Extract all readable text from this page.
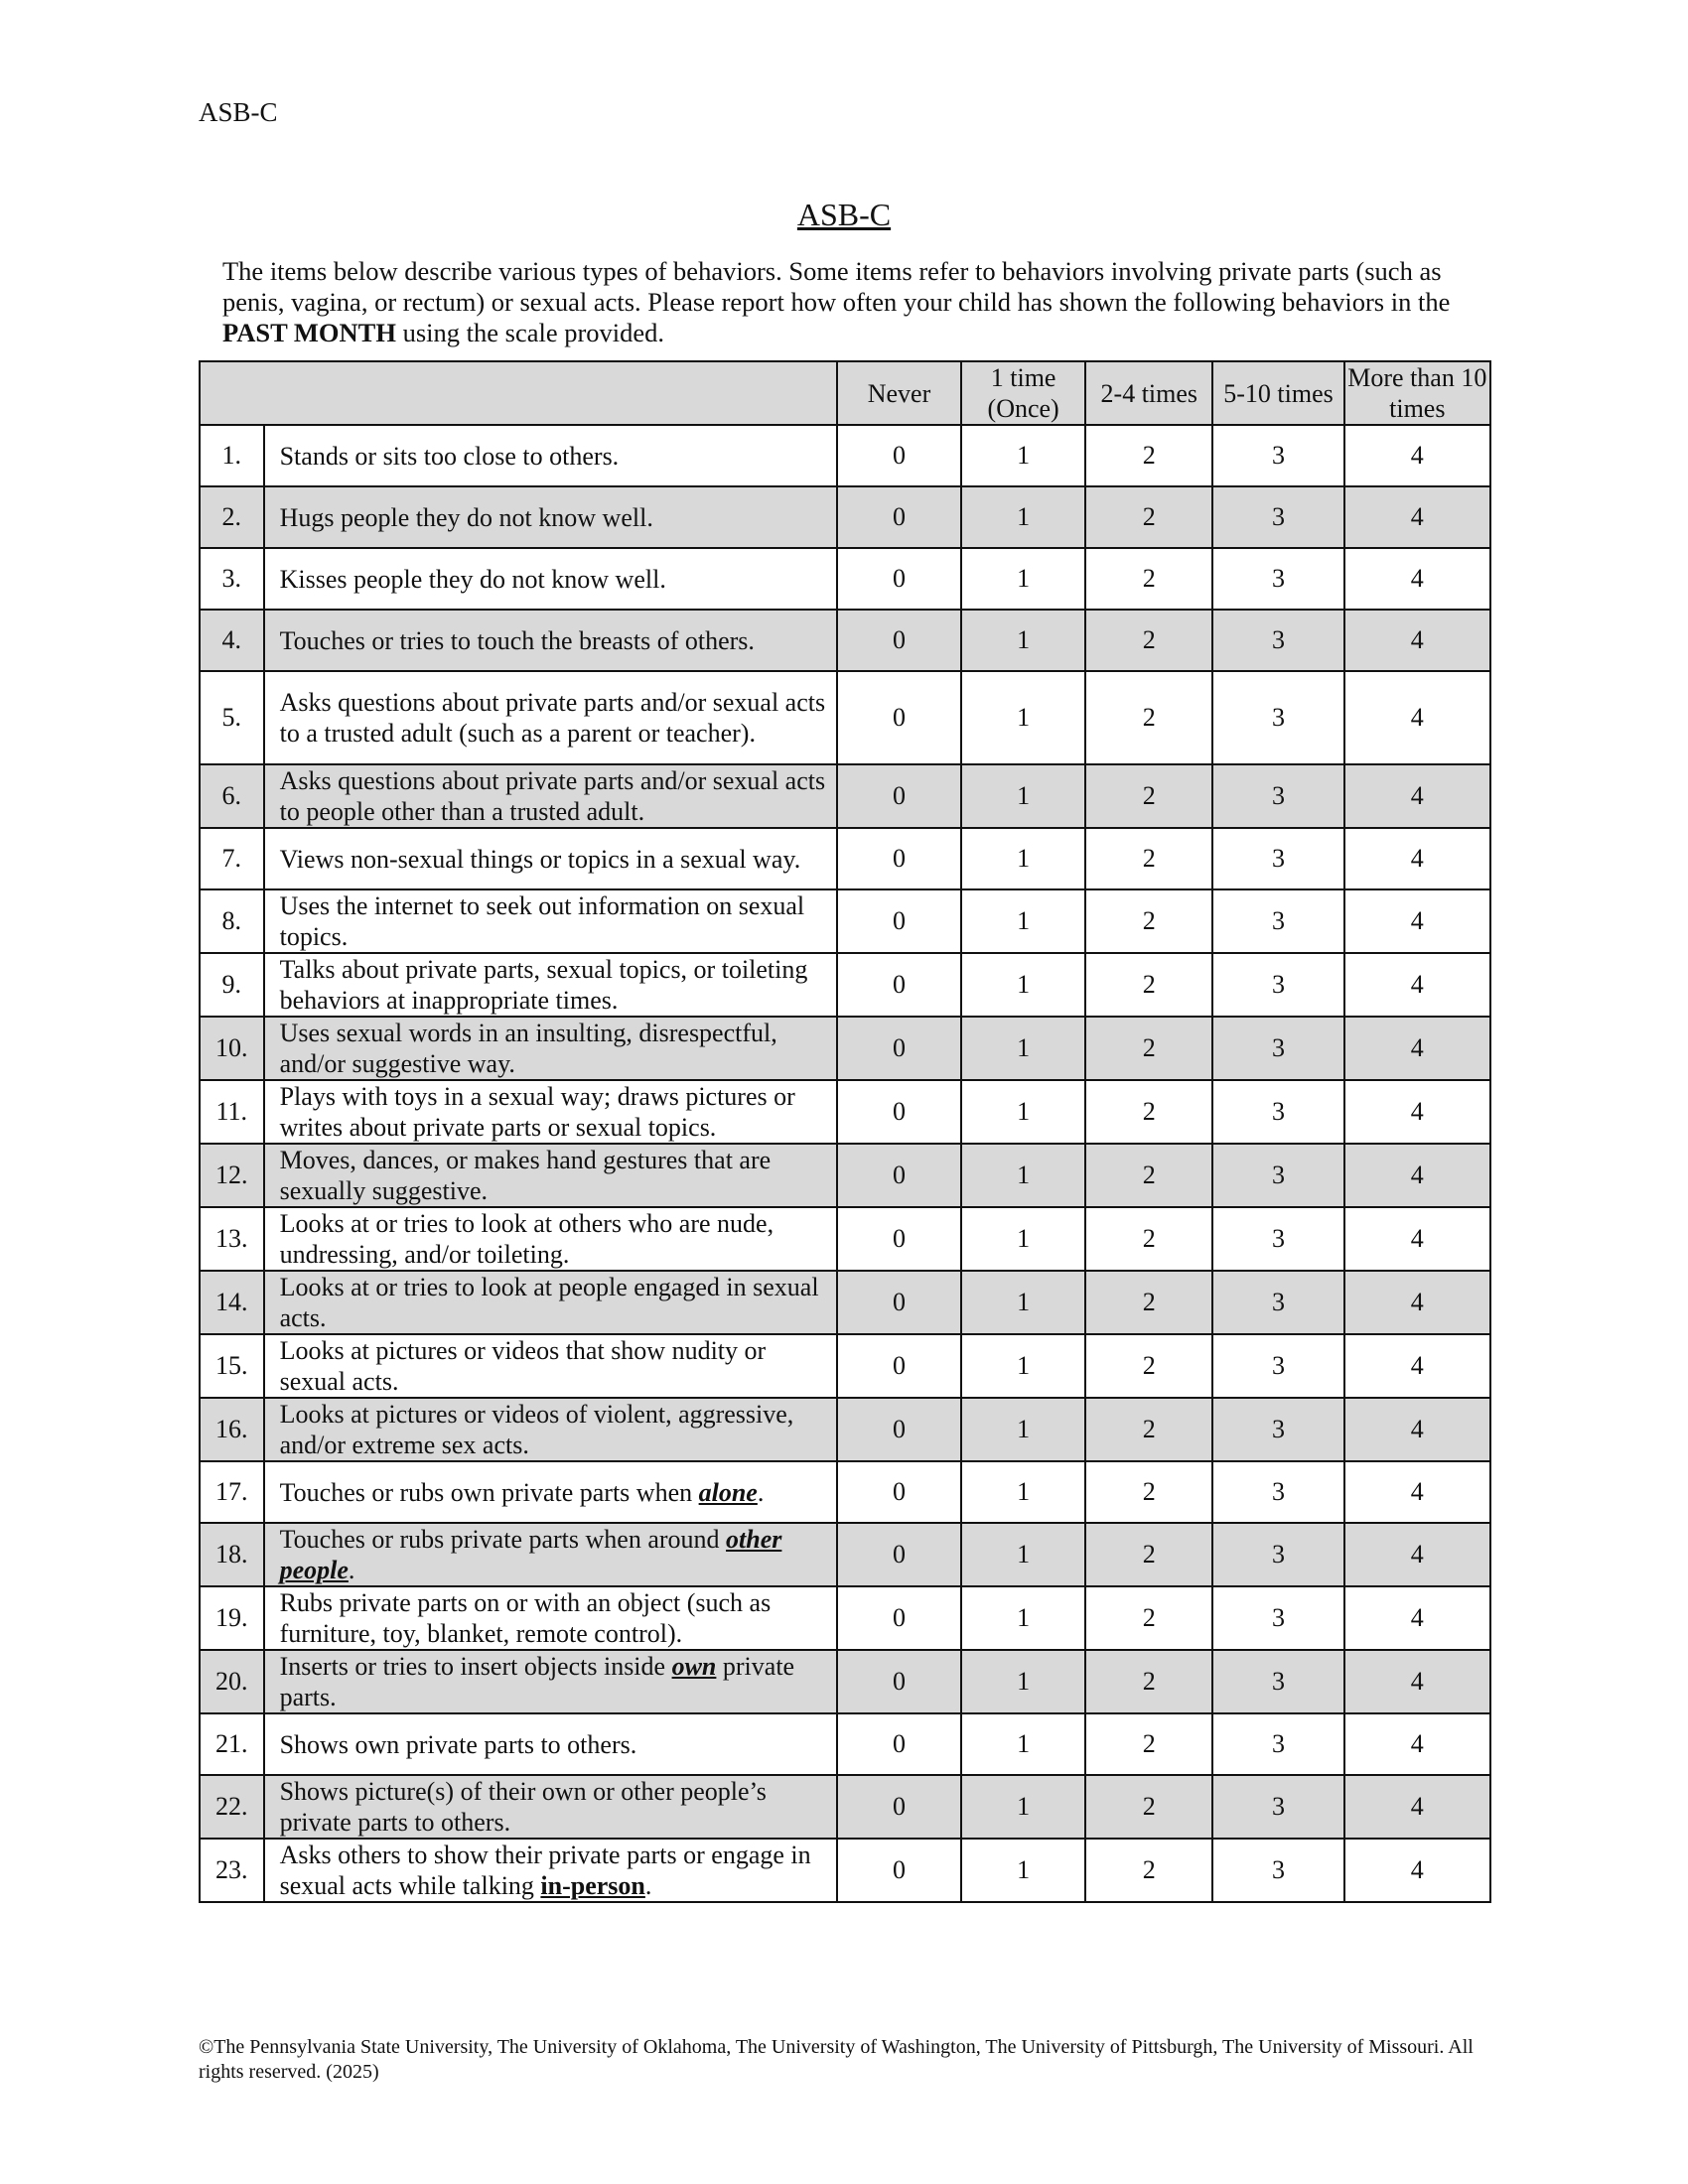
ASB-C
ASB-C
The items below describe various types of behaviors. Some items refer to behaviors involving private parts (such as penis, vagina, or rectum) or sexual acts. Please report how often your child has shown the following behaviors in the PAST MONTH using the scale provided.
		Never	1 time (Once)	2-4 times	5-10 times	More than 10 times
1.	Stands or sits too close to others.	0	1	2	3	4
2.	Hugs people they do not know well.	0	1	2	3	4
3.	Kisses people they do not know well.	0	1	2	3	4
4.	Touches or tries to touch the breasts of others.	0	1	2	3	4
5.	Asks questions about private parts and/or sexual acts to a trusted adult (such as a parent or teacher).	0	1	2	3	4
6.	Asks questions about private parts and/or sexual acts to people other than a trusted adult.	0	1	2	3	4
7.	Views non-sexual things or topics in a sexual way.	0	1	2	3	4
8.	Uses the internet to seek out information on sexual topics.	0	1	2	3	4
9.	Talks about private parts, sexual topics, or toileting behaviors at inappropriate times.	0	1	2	3	4
10.	Uses sexual words in an insulting, disrespectful, and/or suggestive way.	0	1	2	3	4
11.	Plays with toys in a sexual way; draws pictures or writes about private parts or sexual topics.	0	1	2	3	4
12.	Moves, dances, or makes hand gestures that are sexually suggestive.	0	1	2	3	4
13.	Looks at or tries to look at others who are nude, undressing, and/or toileting.	0	1	2	3	4
14.	Looks at or tries to look at people engaged in sexual acts.	0	1	2	3	4
15.	Looks at pictures or videos that show nudity or sexual acts.	0	1	2	3	4
16.	Looks at pictures or videos of violent, aggressive, and/or extreme sex acts.	0	1	2	3	4
17.	Touches or rubs own private parts when alone.	0	1	2	3	4
18.	Touches or rubs private parts when around other people.	0	1	2	3	4
19.	Rubs private parts on or with an object (such as furniture, toy, blanket, remote control).	0	1	2	3	4
20.	Inserts or tries to insert objects inside own private parts.	0	1	2	3	4
21.	Shows own private parts to others.	0	1	2	3	4
22.	Shows picture(s) of their own or other people’s private parts to others.	0	1	2	3	4
23.	Asks others to show their private parts or engage in sexual acts while talking in-person.	0	1	2	3	4
©The Pennsylvania State University, The University of Oklahoma, The University of Washington, The University of Pittsburgh, The University of Missouri. All rights reserved. (2025)
